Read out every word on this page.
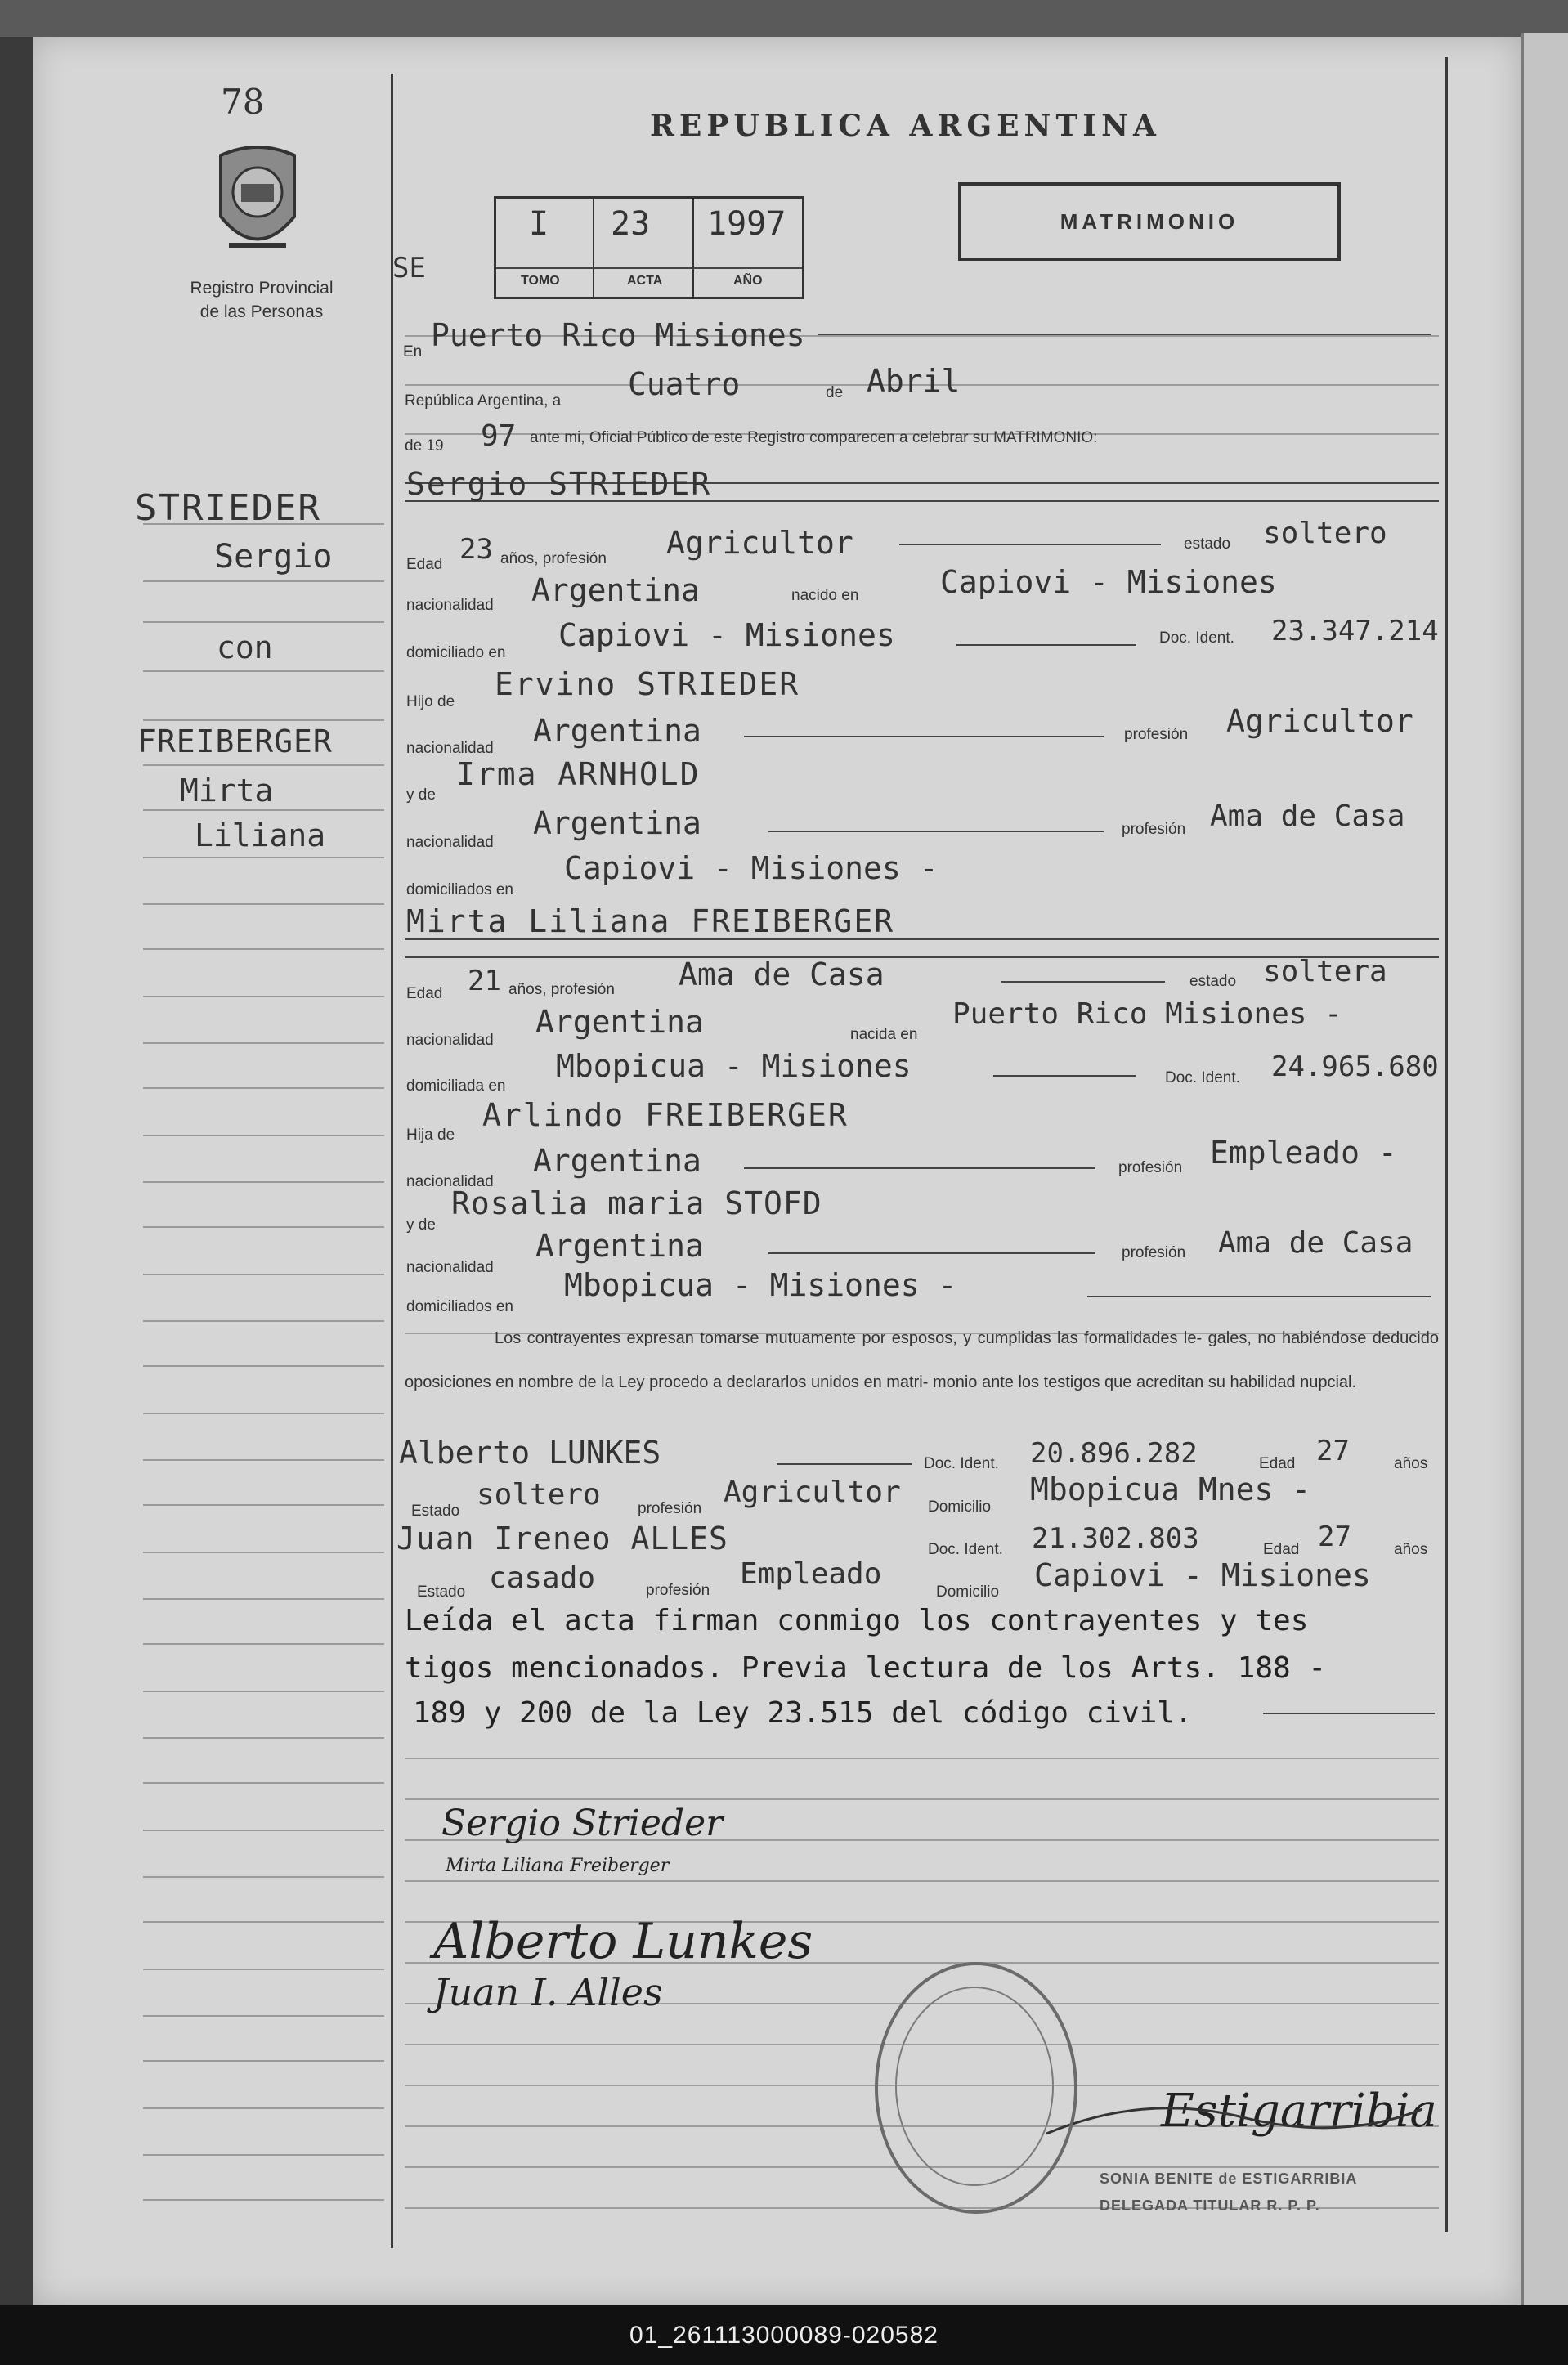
78
Registro Provincial
de las Personas
STRIEDER
Sergio
con
FREIBERGER
Mirta
Liliana
REPUBLICA ARGENTINA
SE
I 23 1997
TOMO	ACTA	AÑO
MATRIMONIO
En Puerto Rico Misiones
República Argentina, a Cuatro	de Abril
de 19 97 ante mi, Oficial Público de este Registro comparecen a celebrar su MATRIMONIO:
Sergio STRIEDER
Edad 23 años, profesión Agricultor	estado soltero
nacionalidad Argentina	nacido en	Capiovi - Misiones
domiciliado en Capiovi - Misiones	Doc. Ident. 23.347.214
Hijo de Ervino STRIEDER
nacionalidad Argentina	profesión Agricultor
y de
Irma ARNHOLD
nacionalidad
Argentina	profesión Ama de Casa
domiciliados en
Capiovi - Misiones -
Mirta Liliana FREIBERGER
Edad 21 años, profesión Ama de Casa	estado soltera
nacionalidad
Argentina	nacida en
Puerto Rico Misiones -
domiciliada en
Mbopicua - Misiones	Doc. Ident. 24.965.680
Hija de
Arlindo FREIBERGER
nacionalidad
Argentina	profesión Empleado -
y de
Rosalia maria STOFD
nacionalidad
Argentina	profesión Ama de Casa
domiciliados en
Mbopicua - Misiones -
Los contrayentes expresan tomarse mutuamente por esposos, y cumplidas las formalidades le- gales, no habiéndose deducido oposiciones en nombre de la Ley procedo a declararlos unidos en matri- monio ante los testigos que acreditan su habilidad nupcial.
Alberto LUNKES	Doc. Ident. 20.896.282	Edad 27	años
Estado soltero profesión Agricultor Domicilio Mbopicua Mnes -
Juan Ireneo ALLES	Doc. Ident. 21.302.803	Edad 27	años
Estado casado	profesión Empleado
Domicilio Capiovi - Misiones
Leída el acta firman conmigo los contrayentes y tes
tigos mencionados. Previa lectura de los Arts. 188 -
189 y 200 de la Ley 23.515 del código civil.
Sergio Strieder
Mirta Liliana Freiberger
Alberto Lunkes
Juan I. Alles
Estigarribia
SONIA BENITE de ESTIGARRIBIA
DELEGADA TITULAR R. P. P.
01_261113000089-020582
